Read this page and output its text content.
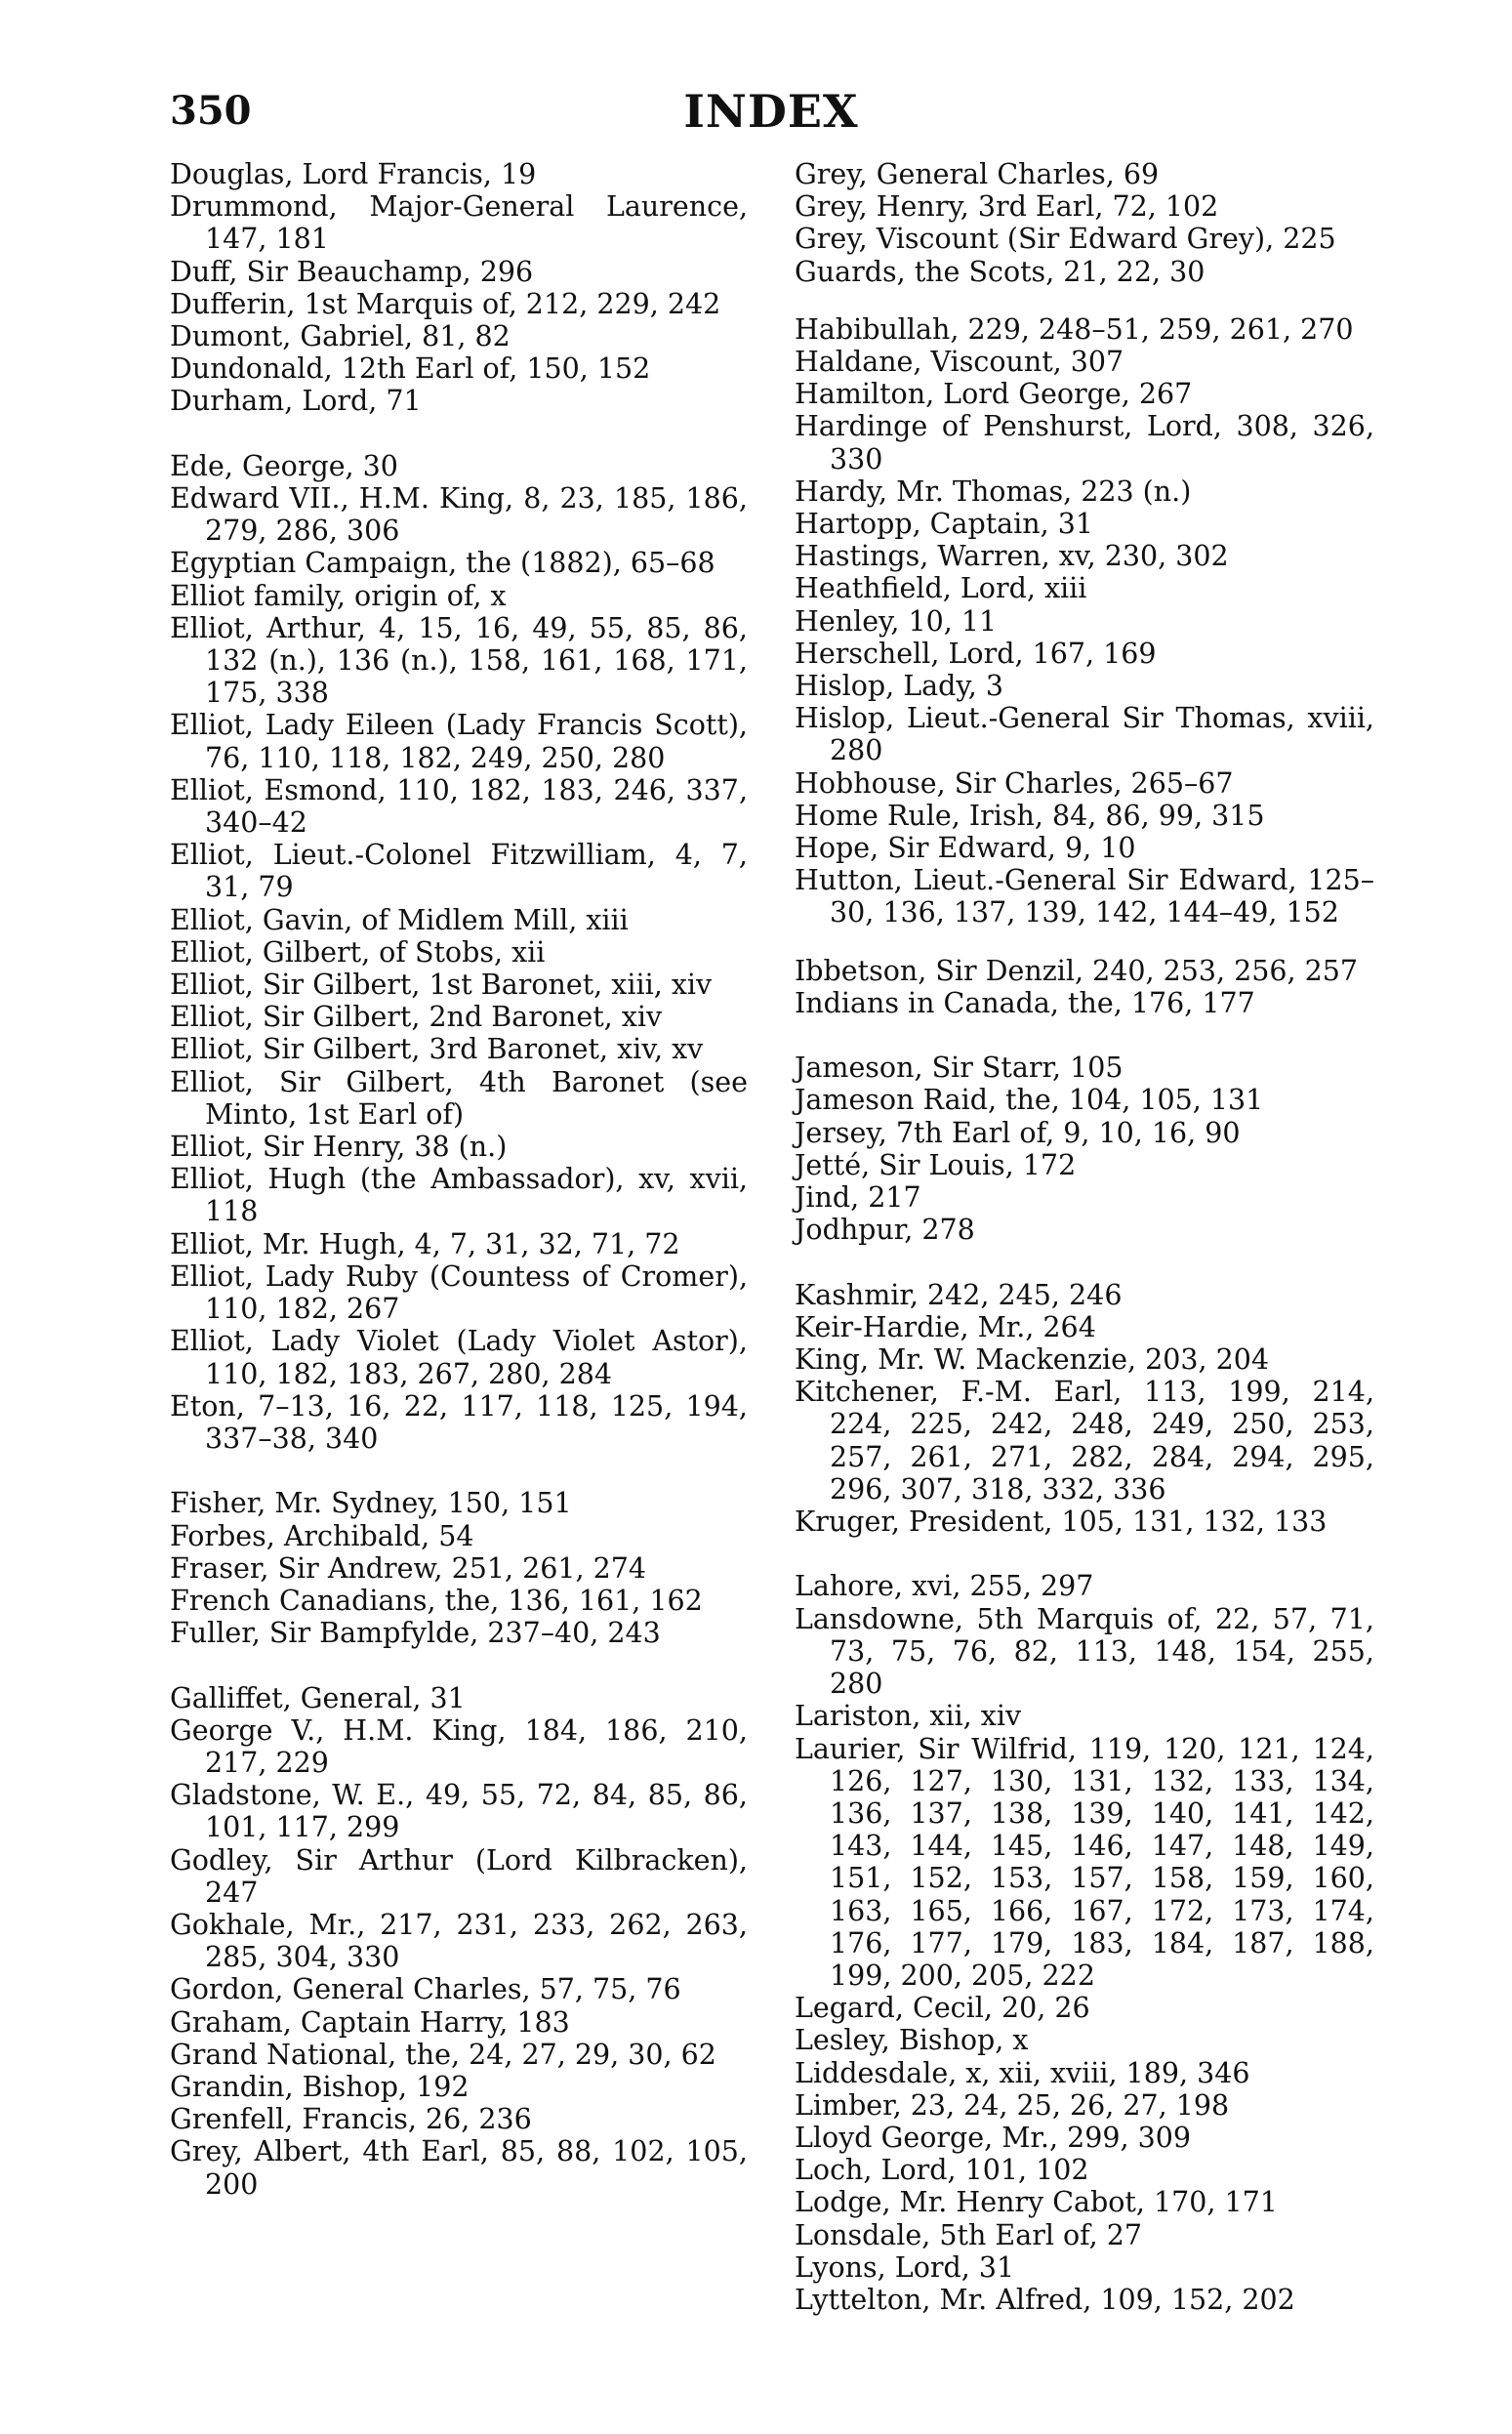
350	INDEX
Douglas, Lord Francis, 19
Drummond, Major-General Laurence, 147, 181
Duff, Sir Beauchamp, 296
Dufferin, 1st Marquis of, 212, 229, 242
Dumont, Gabriel, 81, 82
Dundonald, 12th Earl of, 150, 152
Durham, Lord, 71
Ede, George, 30
Edward VII., H.M. King, 8, 23, 185, 186, 279, 286, 306
Egyptian Campaign, the (1882), 65–68
Elliot family, origin of, x
Elliot, Arthur, 4, 15, 16, 49, 55, 85, 86, 132 (n.), 136 (n.), 158, 161, 168, 171, 175, 338
Elliot, Lady Eileen (Lady Francis Scott), 76, 110, 118, 182, 249, 250, 280
Elliot, Esmond, 110, 182, 183, 246, 337, 340–42
Elliot, Lieut.-Colonel Fitzwilliam, 4, 7, 31, 79
Elliot, Gavin, of Midlem Mill, xiii
Elliot, Gilbert, of Stobs, xii
Elliot, Sir Gilbert, 1st Baronet, xiii, xiv
Elliot, Sir Gilbert, 2nd Baronet, xiv
Elliot, Sir Gilbert, 3rd Baronet, xiv, xv
Elliot, Sir Gilbert, 4th Baronet (see Minto, 1st Earl of)
Elliot, Sir Henry, 38 (n.)
Elliot, Hugh (the Ambassador), xv, xvii, 118
Elliot, Mr. Hugh, 4, 7, 31, 32, 71, 72
Elliot, Lady Ruby (Countess of Cromer), 110, 182, 267
Elliot, Lady Violet (Lady Violet Astor), 110, 182, 183, 267, 280, 284
Eton, 7–13, 16, 22, 117, 118, 125, 194, 337–38, 340
Fisher, Mr. Sydney, 150, 151
Forbes, Archibald, 54
Fraser, Sir Andrew, 251, 261, 274
French Canadians, the, 136, 161, 162
Fuller, Sir Bampfylde, 237–40, 243
Galliffet, General, 31
George V., H.M. King, 184, 186, 210, 217, 229
Gladstone, W. E., 49, 55, 72, 84, 85, 86, 101, 117, 299
Godley, Sir Arthur (Lord Kilbracken), 247
Gokhale, Mr., 217, 231, 233, 262, 263, 285, 304, 330
Gordon, General Charles, 57, 75, 76
Graham, Captain Harry, 183
Grand National, the, 24, 27, 29, 30, 62
Grandin, Bishop, 192
Grenfell, Francis, 26, 236
Grey, Albert, 4th Earl, 85, 88, 102, 105, 200
Grey, General Charles, 69
Grey, Henry, 3rd Earl, 72, 102
Grey, Viscount (Sir Edward Grey), 225
Guards, the Scots, 21, 22, 30
Habibullah, 229, 248–51, 259, 261, 270
Haldane, Viscount, 307
Hamilton, Lord George, 267
Hardinge of Penshurst, Lord, 308, 326, 330
Hardy, Mr. Thomas, 223 (n.)
Hartopp, Captain, 31
Hastings, Warren, xv, 230, 302
Heathfield, Lord, xiii
Henley, 10, 11
Herschell, Lord, 167, 169
Hislop, Lady, 3
Hislop, Lieut.-General Sir Thomas, xviii, 280
Hobhouse, Sir Charles, 265–67
Home Rule, Irish, 84, 86, 99, 315
Hope, Sir Edward, 9, 10
Hutton, Lieut.-General Sir Edward, 125–30, 136, 137, 139, 142, 144–49, 152
Ibbetson, Sir Denzil, 240, 253, 256, 257
Indians in Canada, the, 176, 177
Jameson, Sir Starr, 105
Jameson Raid, the, 104, 105, 131
Jersey, 7th Earl of, 9, 10, 16, 90
Jetté, Sir Louis, 172
Jind, 217
Jodhpur, 278
Kashmir, 242, 245, 246
Keir-Hardie, Mr., 264
King, Mr. W. Mackenzie, 203, 204
Kitchener, F.-M. Earl, 113, 199, 214, 224, 225, 242, 248, 249, 250, 253, 257, 261, 271, 282, 284, 294, 295, 296, 307, 318, 332, 336
Kruger, President, 105, 131, 132, 133
Lahore, xvi, 255, 297
Lansdowne, 5th Marquis of, 22, 57, 71, 73, 75, 76, 82, 113, 148, 154, 255, 280
Lariston, xii, xiv
Laurier, Sir Wilfrid, 119, 120, 121, 124, 126, 127, 130, 131, 132, 133, 134, 136, 137, 138, 139, 140, 141, 142, 143, 144, 145, 146, 147, 148, 149, 151, 152, 153, 157, 158, 159, 160, 163, 165, 166, 167, 172, 173, 174, 176, 177, 179, 183, 184, 187, 188, 199, 200, 205, 222
Legard, Cecil, 20, 26
Lesley, Bishop, x
Liddesdale, x, xii, xviii, 189, 346
Limber, 23, 24, 25, 26, 27, 198
Lloyd George, Mr., 299, 309
Loch, Lord, 101, 102
Lodge, Mr. Henry Cabot, 170, 171
Lonsdale, 5th Earl of, 27
Lyons, Lord, 31
Lyttelton, Mr. Alfred, 109, 152, 202
